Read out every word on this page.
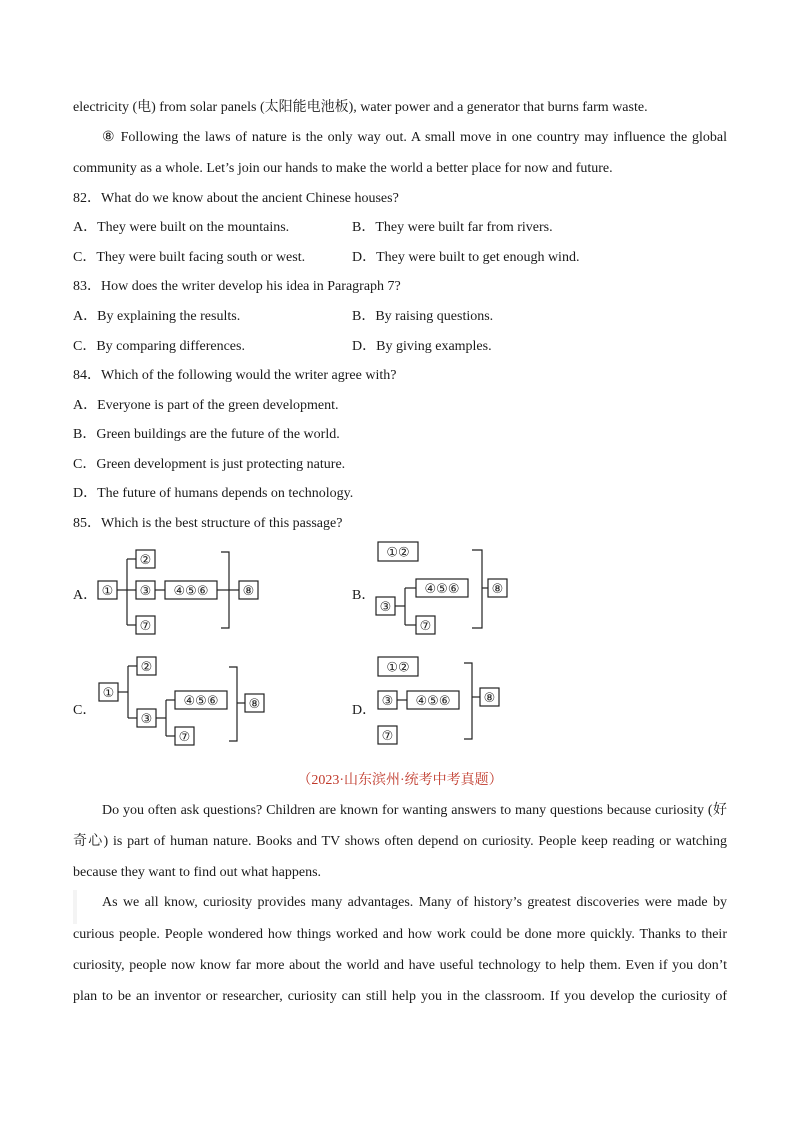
electricity (电) from solar panels (太阳能电池板), water power and a generator that burns farm waste.
⑧ Following the laws of nature is the only way out. A small move in one country may influence the global
community as a whole. Let’s join our hands to make the world a better place for now and future.
82．What do we know about the ancient Chinese houses?
A．They were built on the mountains.	B．They were built far from rivers.
C．They were built facing south or west.	D．They were built to get enough wind.
83．How does the writer develop his idea in Paragraph 7?
A．By explaining the results.	B．By raising questions.
C．By comparing differences.	D．By giving examples.
84．Which of the following would the writer agree with?
A．Everyone is part of the green development.
B．Green buildings are the future of the world.
C．Green development is just protecting nature.
D．The future of humans depends on technology.
85．Which is the best structure of this passage?
A． ①
②
③ ④⑤⑥
⑦
⑧	B．
①②
③
④⑤⑥
⑦
⑧
C．
①
②
③
④⑤⑥
⑦
⑧	D．
①②
③ ④⑤⑥
⑦
⑧
（2023·山东滨州·统考中考真题）
Do you often ask questions? Children are known for wanting answers to many questions because curiosity (好
奇心) is part of human nature. Books and TV shows often depend on curiosity. People keep reading or watching
because they want to find out what happens.
As we all know, curiosity provides many advantages. Many of history’s greatest discoveries were made by
curious people. People wondered how things worked and how work could be done more quickly. Thanks to their
curiosity, people now know far more about the world and have useful technology to help them. Even if you don’t
plan to be an inventor or researcher, curiosity can still help you in the classroom. If you develop the curiosity of
